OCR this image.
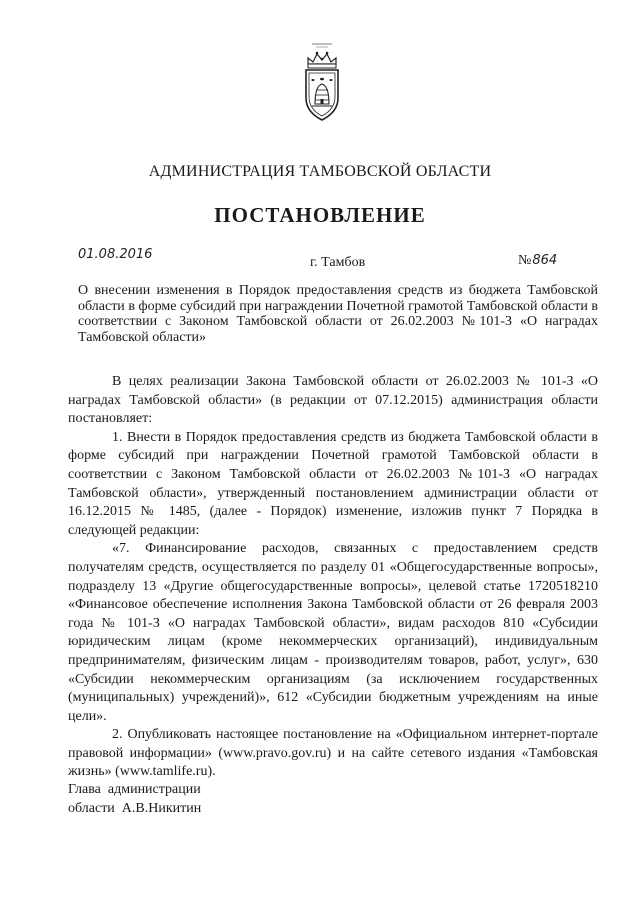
АДМИНИСТРАЦИЯ ТАМБОВСКОЙ ОБЛАСТИ
ПОСТАНОВЛЕНИЕ
01.08.2016
г. Тамбов	№864
О внесении изменения в Порядок предоставления средств из бюджета Тамбовской области в форме субсидий при награждении Почетной грамотой Тамбовской области в соответствии с Законом Тамбовской области от 26.02.2003 №101-З «О наградах Тамбовской области»

В целях реализации Закона Тамбовской области от 26.02.2003 № 101-З «О наградах Тамбовской области» (в редакции от 07.12.2015) администрация области постановляет:

1. Внести в Порядок предоставления средств из бюджета Тамбовской области в форме субсидий при награждении Почетной грамотой Тамбовской области в соответствии с Законом Тамбовской области от 26.02.2003 №101-З «О наградах Тамбовской области», утвержденный постановлением администрации области от 16.12.2015 № 1485, (далее - Порядок) изменение, изложив пункт 7 Порядка в следующей редакции:

«7. Финансирование расходов, связанных с предоставлением средств получателям средств, осуществляется по разделу 01 «Общегосударственные вопросы», подразделу 13 «Другие общегосударственные вопросы», целевой статье 1720518210 «Финансовое обеспечение исполнения Закона Тамбовской области от 26 февраля 2003 года № 101-З «О наградах Тамбовской области», видам расходов 810 «Субсидии юридическим лицам (кроме некоммерческих организаций), индивидуальным предпринимателям, физическим лицам - производителям товаров, работ, услуг», 630 «Субсидии некоммерческим организациям (за исключением государственных (муниципальных) учреждений)», 612 «Субсидии бюджетным учреждениям на иные цели».

2. Опубликовать настоящее постановление на «Официальном интернет-портале правовой информации» (www.pravo.gov.ru) и на сайте сетевого издания «Тамбовская жизнь» (www.tamlife.ru).

Глава  администрации
области  А.В.Никитин
